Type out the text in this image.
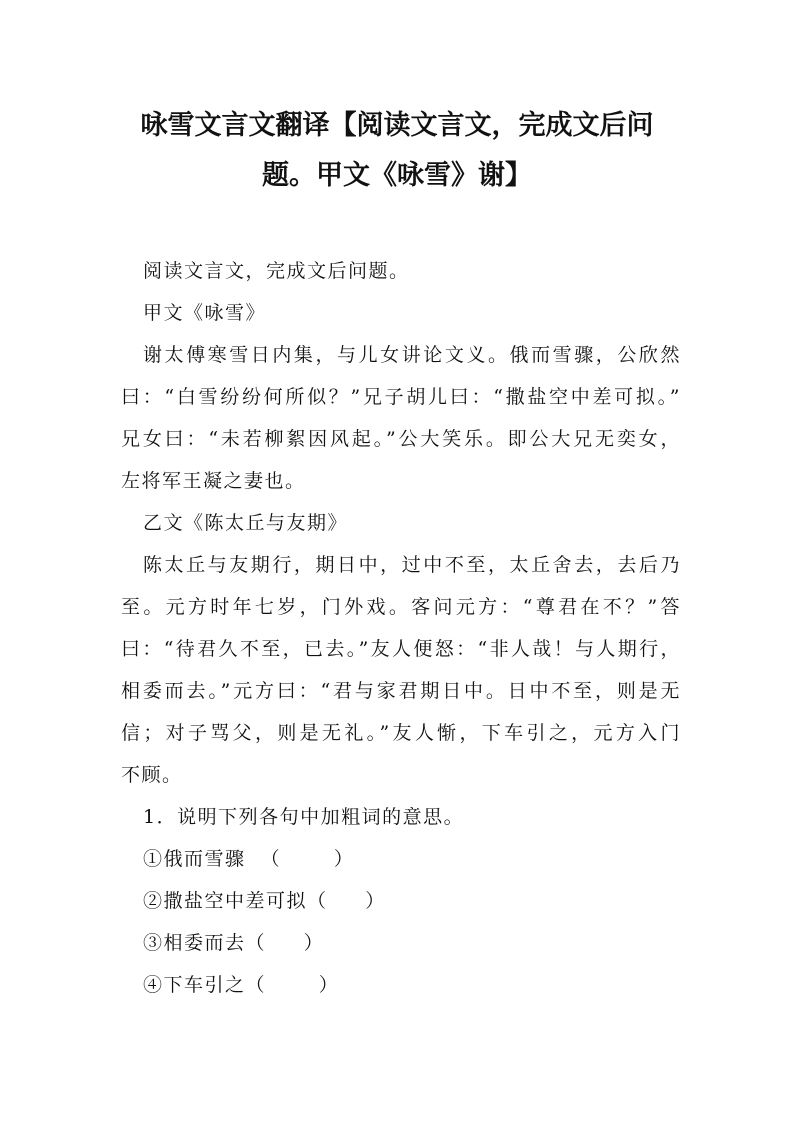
咏雪文言文翻译【阅读文言文，完成文后问
题。甲文《咏雪》谢】
阅读文言文，完成文后问题。
甲文《咏雪》
谢太傅寒雪日内集，与儿女讲论文义。俄而雪骤，公欣然
曰：“白雪纷纷何所似？”兄子胡儿曰：“撒盐空中差可拟。”
兄女曰：“未若柳絮因风起。”公大笑乐。即公大兄无奕女，
左将军王凝之妻也。
乙文《陈太丘与友期》
陈太丘与友期行，期日中，过中不至，太丘舍去，去后乃
至。元方时年七岁，门外戏。客问元方：“尊君在不？”答
曰：“待君久不至，已去。”友人便怒：“非人哉！与人期行，
相委而去。”元方曰：“君与家君期日中。日中不至，则是无
信；对子骂父，则是无礼。”友人惭，下车引之，元方入门
不顾。
1．说明下列各句中加粗词的意思。
①俄而雪骤  （       ）
②撒盐空中差可拟（     ）
③相委而去（     ）
④下车引之（       ）
